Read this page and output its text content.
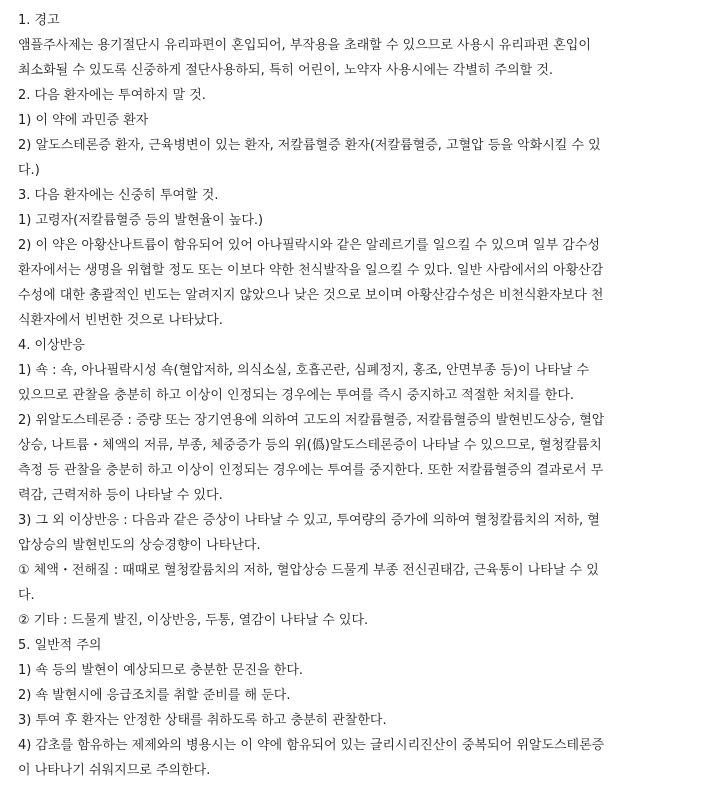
1. 경고

앰플주사제는 용기절단시 유리파편이 혼입되어, 부작용을 초래할 수 있으므로 사용시 유리파편 혼입이

최소화될 수 있도록 신중하게 절단사용하되, 특히 어린이, 노약자 사용시에는 각별히 주의할 것.

2. 다음 환자에는 투여하지 말 것.

1) 이 약에 과민증 환자

2) 알도스테론증 환자, 근육병변이 있는 환자, 저칼륨혈증 환자(저칼륨혈증, 고혈압 등을 악화시킬 수 있

다.)

3. 다음 환자에는 신중히 투여할 것.

1) 고령자(저칼륨혈증 등의 발현율이 높다.)

2) 이 약은 아황산나트륨이 함유되어 있어 아나필락시와 같은 알레르기를 일으킬 수 있으며 일부 감수성

환자에서는 생명을 위협할 정도 또는 이보다 약한 천식발작을 일으킬 수 있다. 일반 사람에서의 아황산감

수성에 대한 총괄적인 빈도는 알려지지 않았으나 낮은 것으로 보이며 아황산감수성은 비천식환자보다 천

식환자에서 빈번한 것으로 나타났다.

4. 이상반응

1) 쇽 : 쇽, 아나필락시성 쇽(혈압저하, 의식소실, 호흡곤란, 심폐정지, 홍조, 안면부종 등)이 나타날 수

있으므로 관찰을 충분히 하고 이상이 인정되는 경우에는 투여를 즉시 중지하고 적절한 처치를 한다.

2) 위알도스테론증 : 증량 또는 장기연용에 의하여 고도의 저칼륨혈증, 저칼륨혈증의 발현빈도상승, 혈압

상승, 나트륨・체액의 저류, 부종, 체중증가 등의 위(僞)알도스테론증이 나타날 수 있으므로, 혈청칼륨치

측정 등 관찰을 충분히 하고 이상이 인정되는 경우에는 투여를 중지한다. 또한 저칼륨혈증의 결과로서 무

력감, 근력저하 등이 나타날 수 있다.

3) 그 외 이상반응 : 다음과 같은 증상이 나타날 수 있고, 투여량의 증가에 의하여 혈청칼륨치의 저하, 혈

압상승의 발현빈도의 상승경향이 나타난다.

① 체액・전해질 : 때때로 혈청칼륨치의 저하, 혈압상승 드물게 부종 전신권태감, 근육통이 나타날 수 있

다.

② 기타 : 드물게 발진, 이상반응, 두통, 열감이 나타날 수 있다.

5. 일반적 주의

1) 쇽 등의 발현이 예상되므로 충분한 문진을 한다.

2) 쇽 발현시에 응급조치를 취할 준비를 해 둔다.

3) 투여 후 환자는 안정한 상태를 취하도록 하고 충분히 관찰한다.

4) 감초를 함유하는 제제와의 병용시는 이 약에 함유되어 있는 글리시리진산이 중복되어 위알도스테론증

이 나타나기 쉬워지므로 주의한다.
